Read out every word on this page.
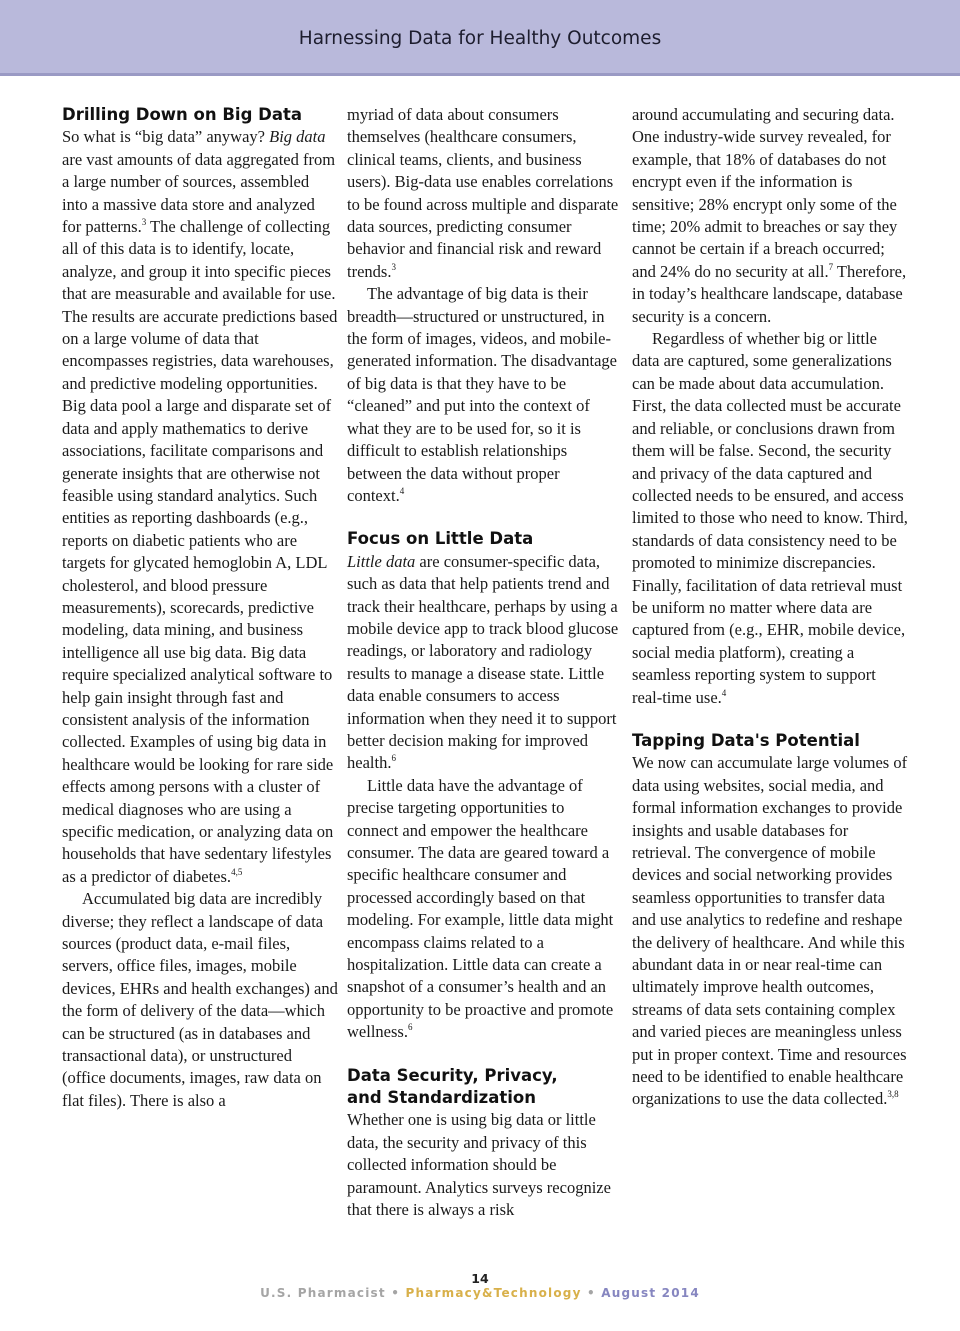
Harnessing Data for Healthy Outcomes
Drilling Down on Big Data

So what is “big data” anyway? Big data are vast amounts of data aggregated from a large number of sources, assembled into a massive data store and analyzed for patterns.$^3$ The challenge of collecting all of this data is to identify, locate, analyze, and group it into specific pieces that are measurable and available for use. The results are accurate predictions based on a large volume of data that encompasses registries, data warehouses, and predictive modeling opportunities. Big data pool a large and disparate set of data and apply mathematics to derive associations, facilitate comparisons and generate insights that are otherwise not feasible using standard analytics. Such entities as reporting dashboards (e.g., reports on diabetic patients who are targets for glycated hemoglobin A, LDL cholesterol, and blood pressure measurements), scorecards, predictive modeling, data mining, and business intelligence all use big data. Big data require specialized analytical software to help gain insight through fast and consistent analysis of the information collected. Examples of using big data in healthcare would be looking for rare side effects among persons with a cluster of medical diagnoses who are using a specific medication, or analyzing data on households that have sedentary lifestyles as a predictor of diabetes.$^{4,5}$

Accumulated big data are incredibly diverse; they reflect a landscape of data sources (product data, e-mail files, servers, office files, images, mobile devices, EHRs and health exchanges) and the form of delivery of the data—which can be structured (as in databases and transactional data), or unstructured (office documents, images, raw data on flat files). There is also a

myriad of data about consumers themselves (healthcare consumers, clinical teams, clients, and business users). Big-data use enables correlations to be found across multiple and disparate data sources, predicting consumer behavior and financial risk and reward trends.$^3$

The advantage of big data is their breadth—structured or unstructured, in the form of images, videos, and mobile-generated information. The disadvantage of big data is that they have to be “cleaned” and put into the context of what they are to be used for, so it is difficult to establish relationships between the data without proper context.$^4$

Focus on Little Data

Little data are consumer-specific data, such as data that help patients trend and track their healthcare, perhaps by using a mobile device app to track blood glucose readings, or laboratory and radiology results to manage a disease state. Little data enable consumers to access information when they need it to support better decision making for improved health.$^6$

Little data have the advantage of precise targeting opportunities to connect and empower the healthcare consumer. The data are geared toward a specific healthcare consumer and processed accordingly based on that modeling. For example, little data might encompass claims related to a hospitalization. Little data can create a snapshot of a consumer’s health and an opportunity to be proactive and promote wellness.$^6$

Data Security, Privacy,
and Standardization

Whether one is using big data or little data, the security and privacy of this collected information should be paramount. Analytics surveys recognize that there is always a risk

around accumulating and securing data. One industry-wide survey revealed, for example, that 18% of databases do not encrypt even if the information is sensitive; 28% encrypt only some of the time; 20% admit to breaches or say they cannot be certain if a breach occurred; and 24% do no security at all.$^7$ Therefore, in today’s healthcare landscape, database security is a concern.

Regardless of whether big or little data are captured, some generalizations can be made about data accumulation. First, the data collected must be accurate and reliable, or conclusions drawn from them will be false. Second, the security and privacy of the data captured and collected needs to be ensured, and access limited to those who need to know. Third, standards of data consistency need to be promoted to minimize discrepancies. Finally, facilitation of data retrieval must be uniform no matter where data are captured from (e.g., EHR, mobile device, social media platform), creating a seamless reporting system to support real-time use.$^4$

Tapping Data's Potential

We now can accumulate large volumes of data using websites, social media, and formal information exchanges to provide insights and usable databases for retrieval. The convergence of mobile devices and social networking provides seamless opportunities to transfer data and use analytics to redefine and reshape the delivery of healthcare. And while this abundant data in or near real-time can ultimately improve health outcomes, streams of data sets containing complex and varied pieces are meaningless unless put in proper context. Time and resources need to be identified to enable healthcare organizations to use the data collected.$^{3,8}$

14
U.S. Pharmacist • Pharmacy&Technology • August 2014
